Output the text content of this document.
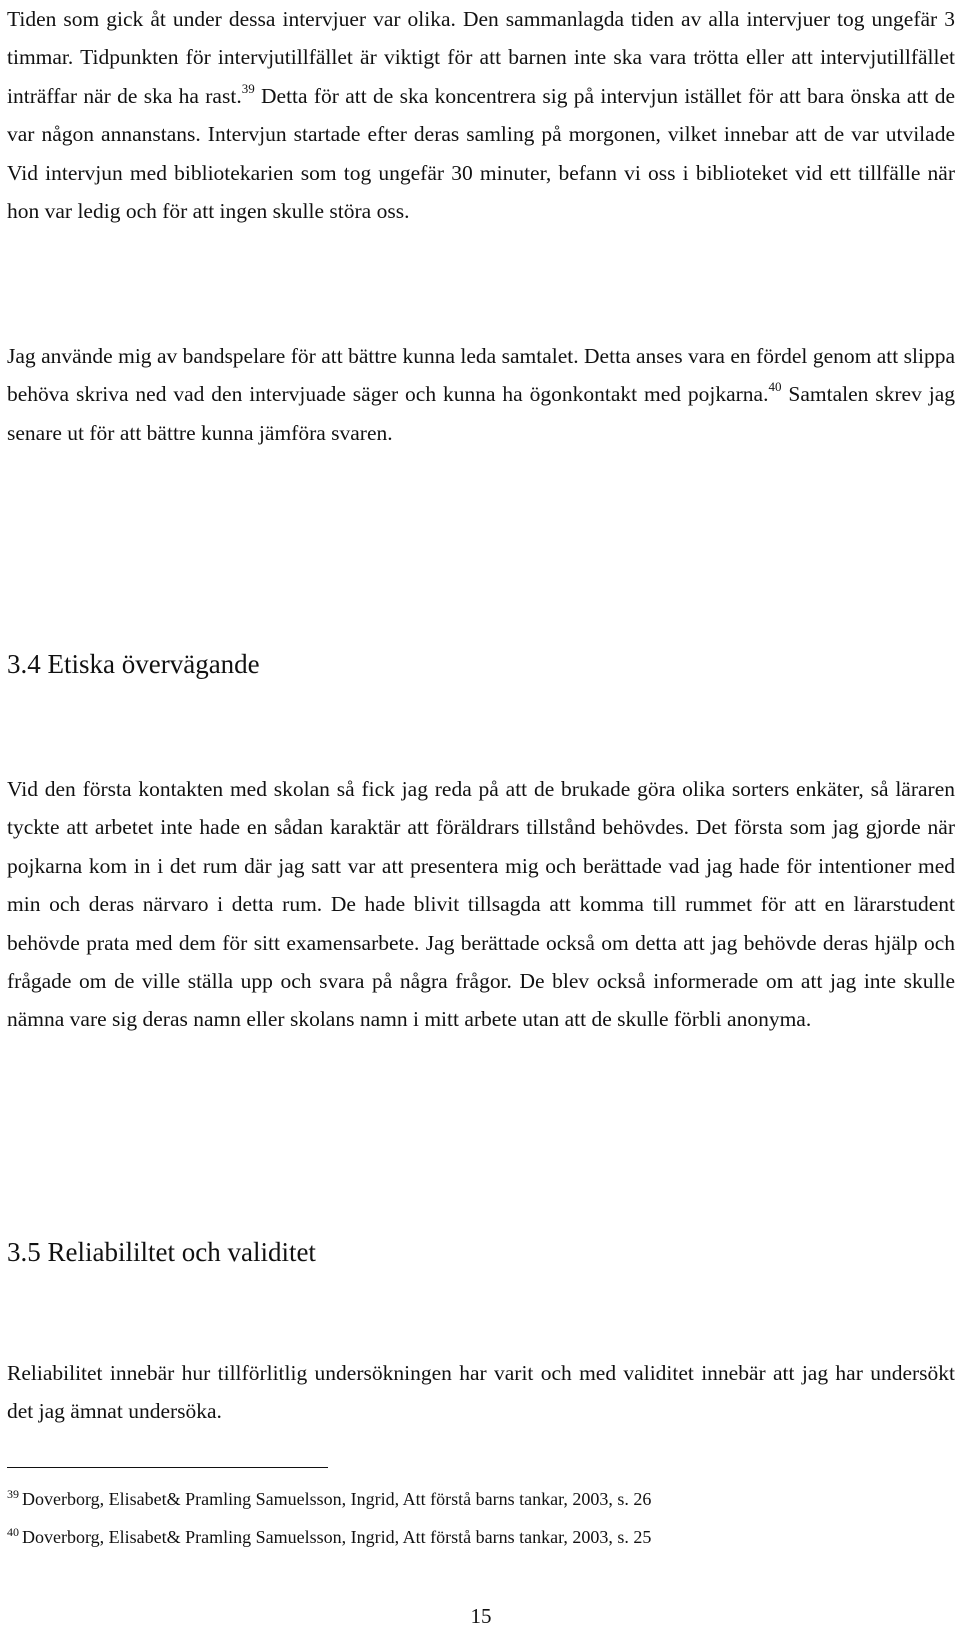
Tiden som gick åt under dessa intervjuer var olika. Den sammanlagda tiden av alla intervjuer tog ungefär 3 timmar. Tidpunkten för intervjutillfället är viktigt för att barnen inte ska vara trötta eller att intervjutillfället inträffar när de ska ha rast.$^{39}$ Detta för att de ska koncentrera sig på intervjun istället för att bara önska att de var någon annanstans. Intervjun startade efter deras samling på morgonen, vilket innebar att de var utvilade Vid intervjun med bibliotekarien som tog ungefär 30 minuter, befann vi oss i biblioteket vid ett tillfälle när hon var ledig och för att ingen skulle störa oss.

Jag använde mig av bandspelare för att bättre kunna leda samtalet. Detta anses vara en fördel genom att slippa behöva skriva ned vad den intervjuade säger och kunna ha ögonkontakt med pojkarna.$^{40}$ Samtalen skrev jag senare ut för att bättre kunna jämföra svaren.

3.4 Etiska övervägande

Vid den första kontakten med skolan så fick jag reda på att de brukade göra olika sorters enkäter, så läraren tyckte att arbetet inte hade en sådan karaktär att föräldrars tillstånd behövdes. Det första som jag gjorde när pojkarna kom in i det rum där jag satt var att presentera mig och berättade vad jag hade för intentioner med min och deras närvaro i detta rum. De hade blivit tillsagda att komma till rummet för att en lärarstudent behövde prata med dem för sitt examensarbete. Jag berättade också om detta att jag behövde deras hjälp och frågade om de ville ställa upp och svara på några frågor. De blev också informerade om att jag inte skulle nämna vare sig deras namn eller skolans namn i mitt arbete utan att de skulle förbli anonyma.

3.5 Reliabililtet och validitet

Reliabilitet innebär hur tillförlitlig undersökningen har varit och med validitet innebär att jag har undersökt det jag ämnat undersöka.

$^{39}$ Doverborg, Elisabet& Pramling Samuelsson, Ingrid, Att förstå barns tankar, 2003, s. 26

$^{40}$ Doverborg, Elisabet& Pramling Samuelsson, Ingrid, Att förstå barns tankar, 2003, s. 25

15
